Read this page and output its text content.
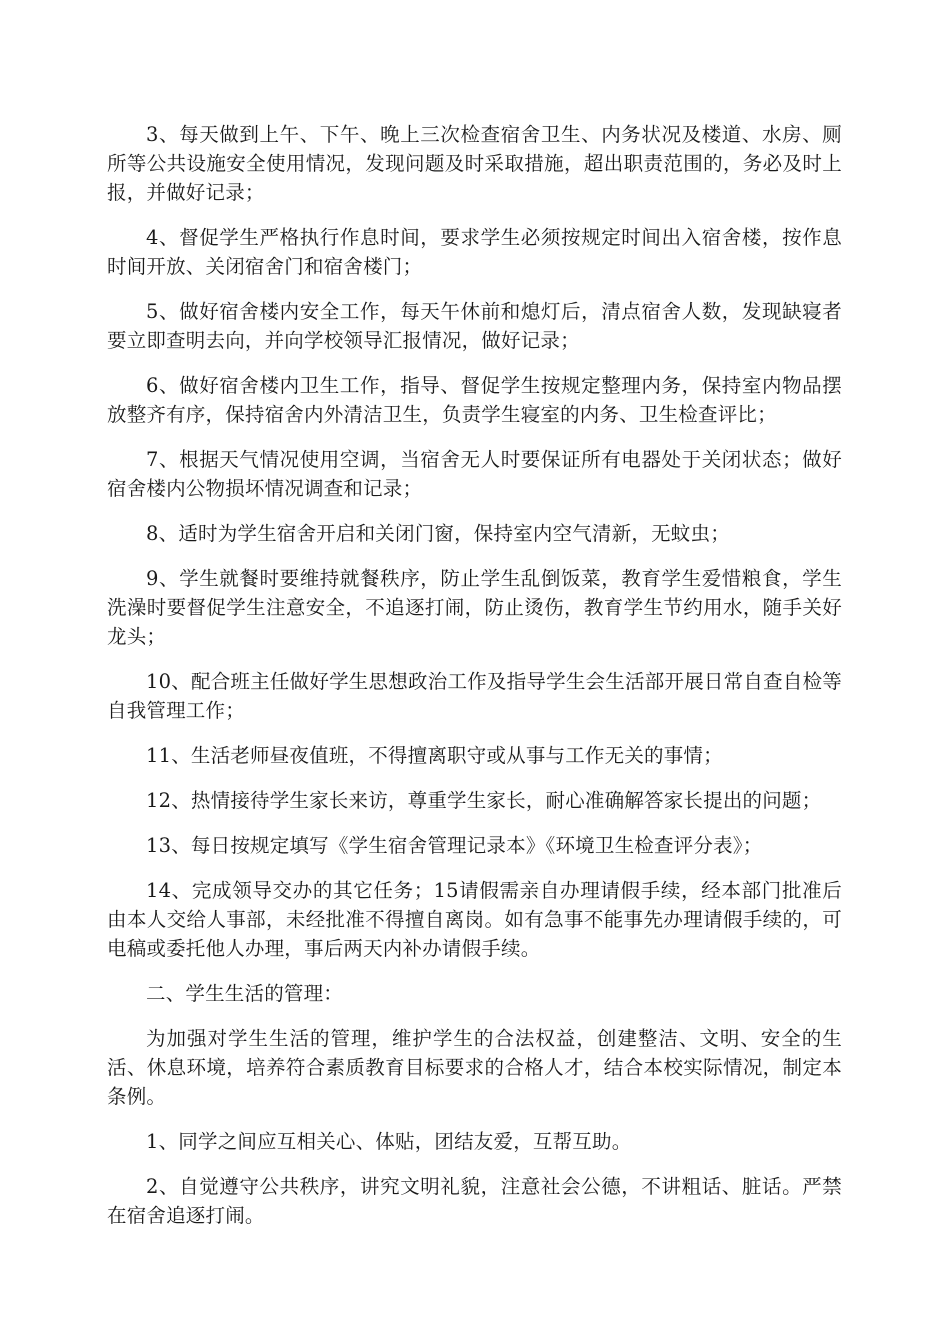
3、每天做到上午、下午、晚上三次检查宿舍卫生、内务状况及楼道、水房、厕所等公共设施安全使用情况，发现问题及时采取措施，超出职责范围的，务必及时上报，并做好记录；

4、督促学生严格执行作息时间，要求学生必须按规定时间出入宿舍楼，按作息时间开放、关闭宿舍门和宿舍楼门；

5、做好宿舍楼内安全工作，每天午休前和熄灯后，清点宿舍人数，发现缺寝者要立即查明去向，并向学校领导汇报情况，做好记录；

6、做好宿舍楼内卫生工作，指导、督促学生按规定整理内务，保持室内物品摆放整齐有序，保持宿舍内外清洁卫生，负责学生寝室的内务、卫生检查评比；

7、根据天气情况使用空调，当宿舍无人时要保证所有电器处于关闭状态；做好宿舍楼内公物损坏情况调查和记录；

8、适时为学生宿舍开启和关闭门窗，保持室内空气清新，无蚊虫；

9、学生就餐时要维持就餐秩序，防止学生乱倒饭菜，教育学生爱惜粮食，学生洗澡时要督促学生注意安全，不追逐打闹，防止烫伤，教育学生节约用水，随手关好龙头；

10、配合班主任做好学生思想政治工作及指导学生会生活部开展日常自查自检等自我管理工作；

11、生活老师昼夜值班，不得擅离职守或从事与工作无关的事情；

12、热情接待学生家长来访，尊重学生家长，耐心准确解答家长提出的问题；

13、每日按规定填写《学生宿舍管理记录本》《环境卫生检查评分表》；

14、完成领导交办的其它任务；15请假需亲自办理请假手续，经本部门批准后由本人交给人事部，未经批准不得擅自离岗。如有急事不能事先办理请假手续的，可电稿或委托他人办理，事后两天内补办请假手续。

二、学生生活的管理：

为加强对学生生活的管理，维护学生的合法权益，创建整洁、文明、安全的生活、休息环境，培养符合素质教育目标要求的合格人才，结合本校实际情况，制定本条例。

1、同学之间应互相关心、体贴，团结友爱，互帮互助。

2、自觉遵守公共秩序，讲究文明礼貌，注意社会公德，不讲粗话、脏话。严禁在宿舍追逐打闹。
